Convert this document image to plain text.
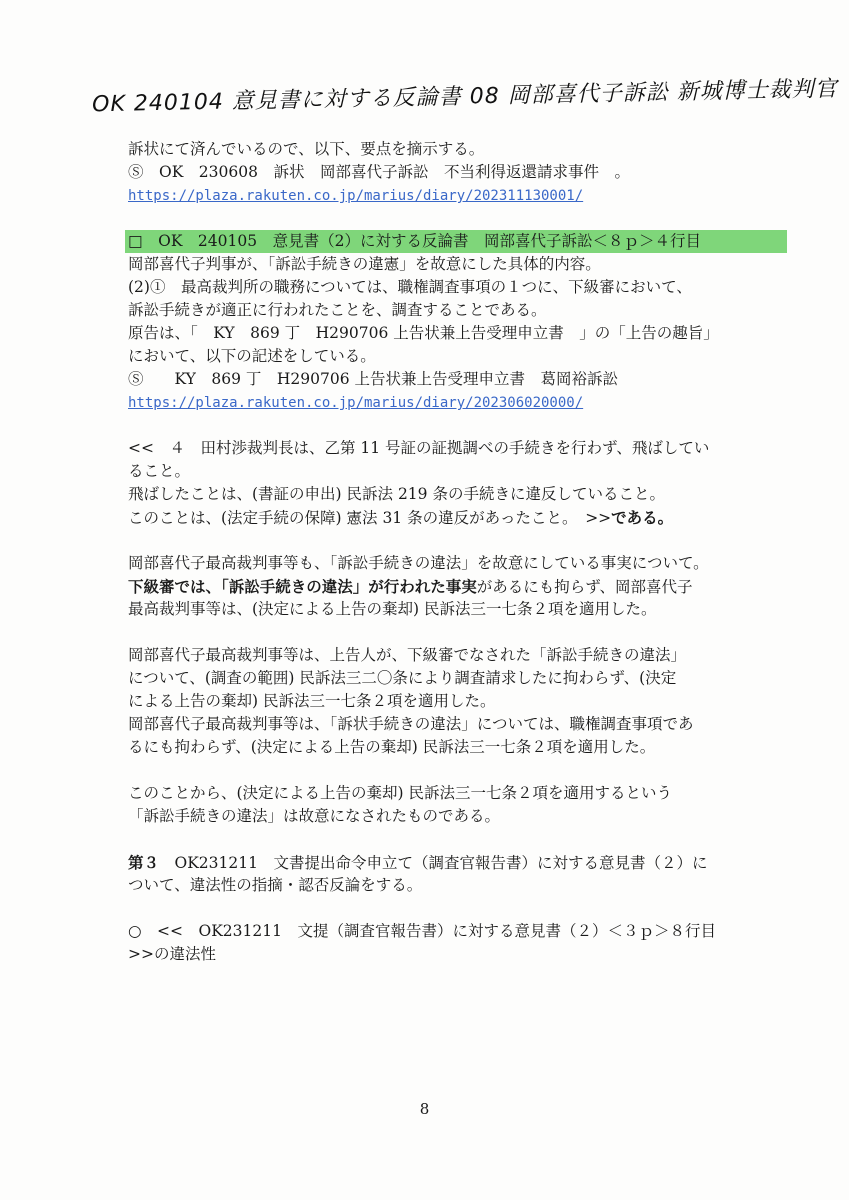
OK 240104 意見書に対する反論書 08 岡部喜代子訴訟 新城博士裁判官
訴状にて済んでいるので、以下、要点を摘示する。
Ⓢ　OK　230608　訴状　岡部喜代子訴訟　不当利得返還請求事件　。
https://plaza.rakuten.co.jp/marius/diary/202311130001/
□　OK　240105　意見書（2）に対する反論書　岡部喜代子訴訟＜８ｐ＞４行目
岡部喜代子判事が、「訴訟手続きの違憲」を故意にした具体的内容。
(2)①　最高裁判所の職務については、職権調査事項の１つに、下級審において、
訴訟手続きが適正に行われたことを、調査することである。
原告は、「　KY　869 丁　H290706 上告状兼上告受理申立書　」の「上告の趣旨」
において、以下の記述をしている。
Ⓢ　　KY　869 丁　H290706 上告状兼上告受理申立書　葛岡裕訴訟
https://plaza.rakuten.co.jp/marius/diary/202306020000/
<<　４　田村渉裁判長は、乙第 11 号証の証拠調べの手続きを行わず、飛ばしてい
ること。
飛ばしたことは、(書証の申出) 民訴法 219 条の手続きに違反していること。
このことは、(法定手続の保障) 憲法 31 条の違反があったこと。　>>である。
岡部喜代子最高裁判事等も、「訴訟手続きの違法」を故意にしている事実について。
下級審では、「訴訟手続きの違法」が行われた事実があるにも拘らず、岡部喜代子
最高裁判事等は、(決定による上告の棄却) 民訴法三一七条２項を適用した。
岡部喜代子最高裁判事等は、上告人が、下級審でなされた「訴訟手続きの違法」
について、(調査の範囲) 民訴法三二〇条により調査請求したに拘わらず、(決定
による上告の棄却) 民訴法三一七条２項を適用した。
岡部喜代子最高裁判事等は、「訴状手続きの違法」については、職権調査事項であ
るにも拘わらず、(決定による上告の棄却) 民訴法三一七条２項を適用した。
このことから、(決定による上告の棄却) 民訴法三一七条２項を適用するという
「訴訟手続きの違法」は故意になされたものである。
第３　OK231211　文書提出命令申立て（調査官報告書）に対する意見書（２）に
ついて、違法性の指摘・認否反論をする。
○　<<　OK231211　文提（調査官報告書）に対する意見書（２）＜３ｐ＞８行目
>>の違法性
8
